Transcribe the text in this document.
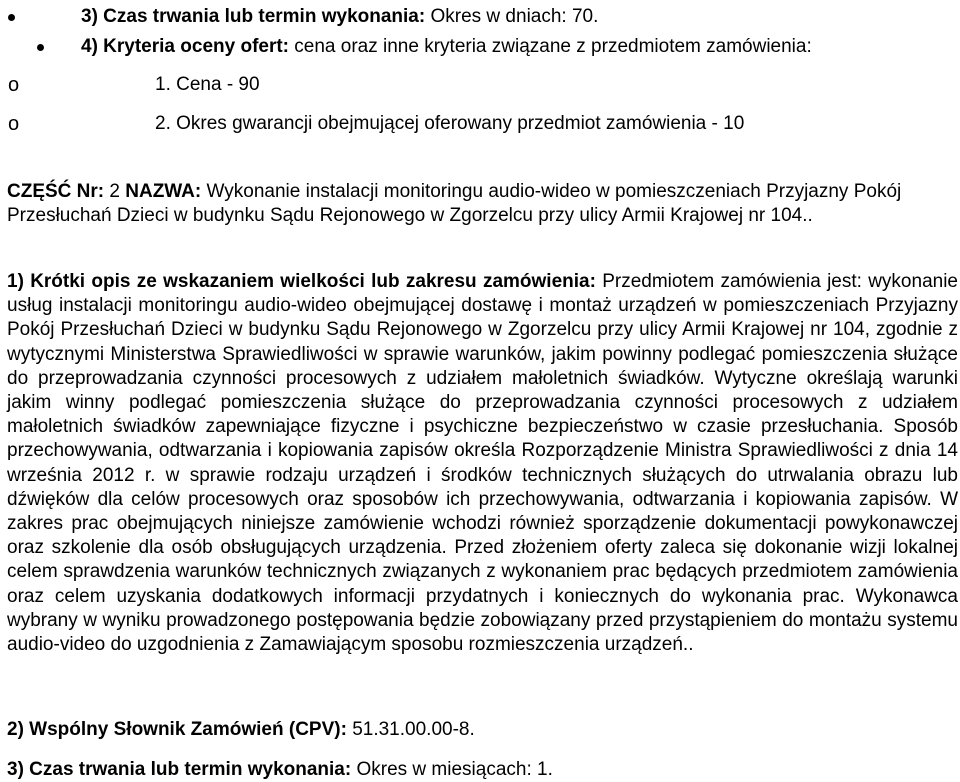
3) Czas trwania lub termin wykonania: Okres w dniach: 70.
4) Kryteria oceny ofert: cena oraz inne kryteria związane z przedmiotem zamówienia:
o	1. Cena - 90
o	2. Okres gwarancji obejmującej oferowany przedmiot zamówienia - 10
CZĘŚĆ Nr: 2 NAZWA: Wykonanie instalacji monitoringu audio-wideo w pomieszczeniach Przyjazny Pokój Przesłuchań Dzieci w budynku Sądu Rejonowego w Zgorzelcu przy ulicy Armii Krajowej nr 104..
1) Krótki opis ze wskazaniem wielkości lub zakresu zamówienia: Przedmiotem zamówienia jest: wykonanie usług instalacji monitoringu audio-wideo obejmującej dostawę i montaż urządzeń w pomieszczeniach Przyjazny Pokój Przesłuchań Dzieci w budynku Sądu Rejonowego w Zgorzelcu przy ulicy Armii Krajowej nr 104, zgodnie z wytycznymi Ministerstwa Sprawiedliwości w sprawie warunków, jakim powinny podlegać pomieszczenia służące do przeprowadzania czynności procesowych z udziałem małoletnich świadków. Wytyczne określają warunki jakim winny podlegać pomieszczenia służące do przeprowadzania czynności procesowych z udziałem małoletnich świadków zapewniające fizyczne i psychiczne bezpieczeństwo w czasie przesłuchania. Sposób przechowywania, odtwarzania i kopiowania zapisów określa Rozporządzenie Ministra Sprawiedliwości z dnia 14 września 2012 r. w sprawie rodzaju urządzeń i środków technicznych służących do utrwalania obrazu lub dźwięków dla celów procesowych oraz sposobów ich przechowywania, odtwarzania i kopiowania zapisów. W zakres prac obejmujących niniejsze zamówienie wchodzi również sporządzenie dokumentacji powykonawczej oraz szkolenie dla osób obsługujących urządzenia. Przed złożeniem oferty zaleca się dokonanie wizji lokalnej celem sprawdzenia warunków technicznych związanych z wykonaniem prac będących przedmiotem zamówienia oraz celem uzyskania dodatkowych informacji przydatnych i koniecznych do wykonania prac. Wykonawca wybrany w wyniku prowadzonego postępowania będzie zobowiązany przed przystąpieniem do montażu systemu audio-video do uzgodnienia z Zamawiającym sposobu rozmieszczenia urządzeń..
2) Wspólny Słownik Zamówień (CPV): 51.31.00.00-8.
3) Czas trwania lub termin wykonania: Okres w miesiącach: 1.
